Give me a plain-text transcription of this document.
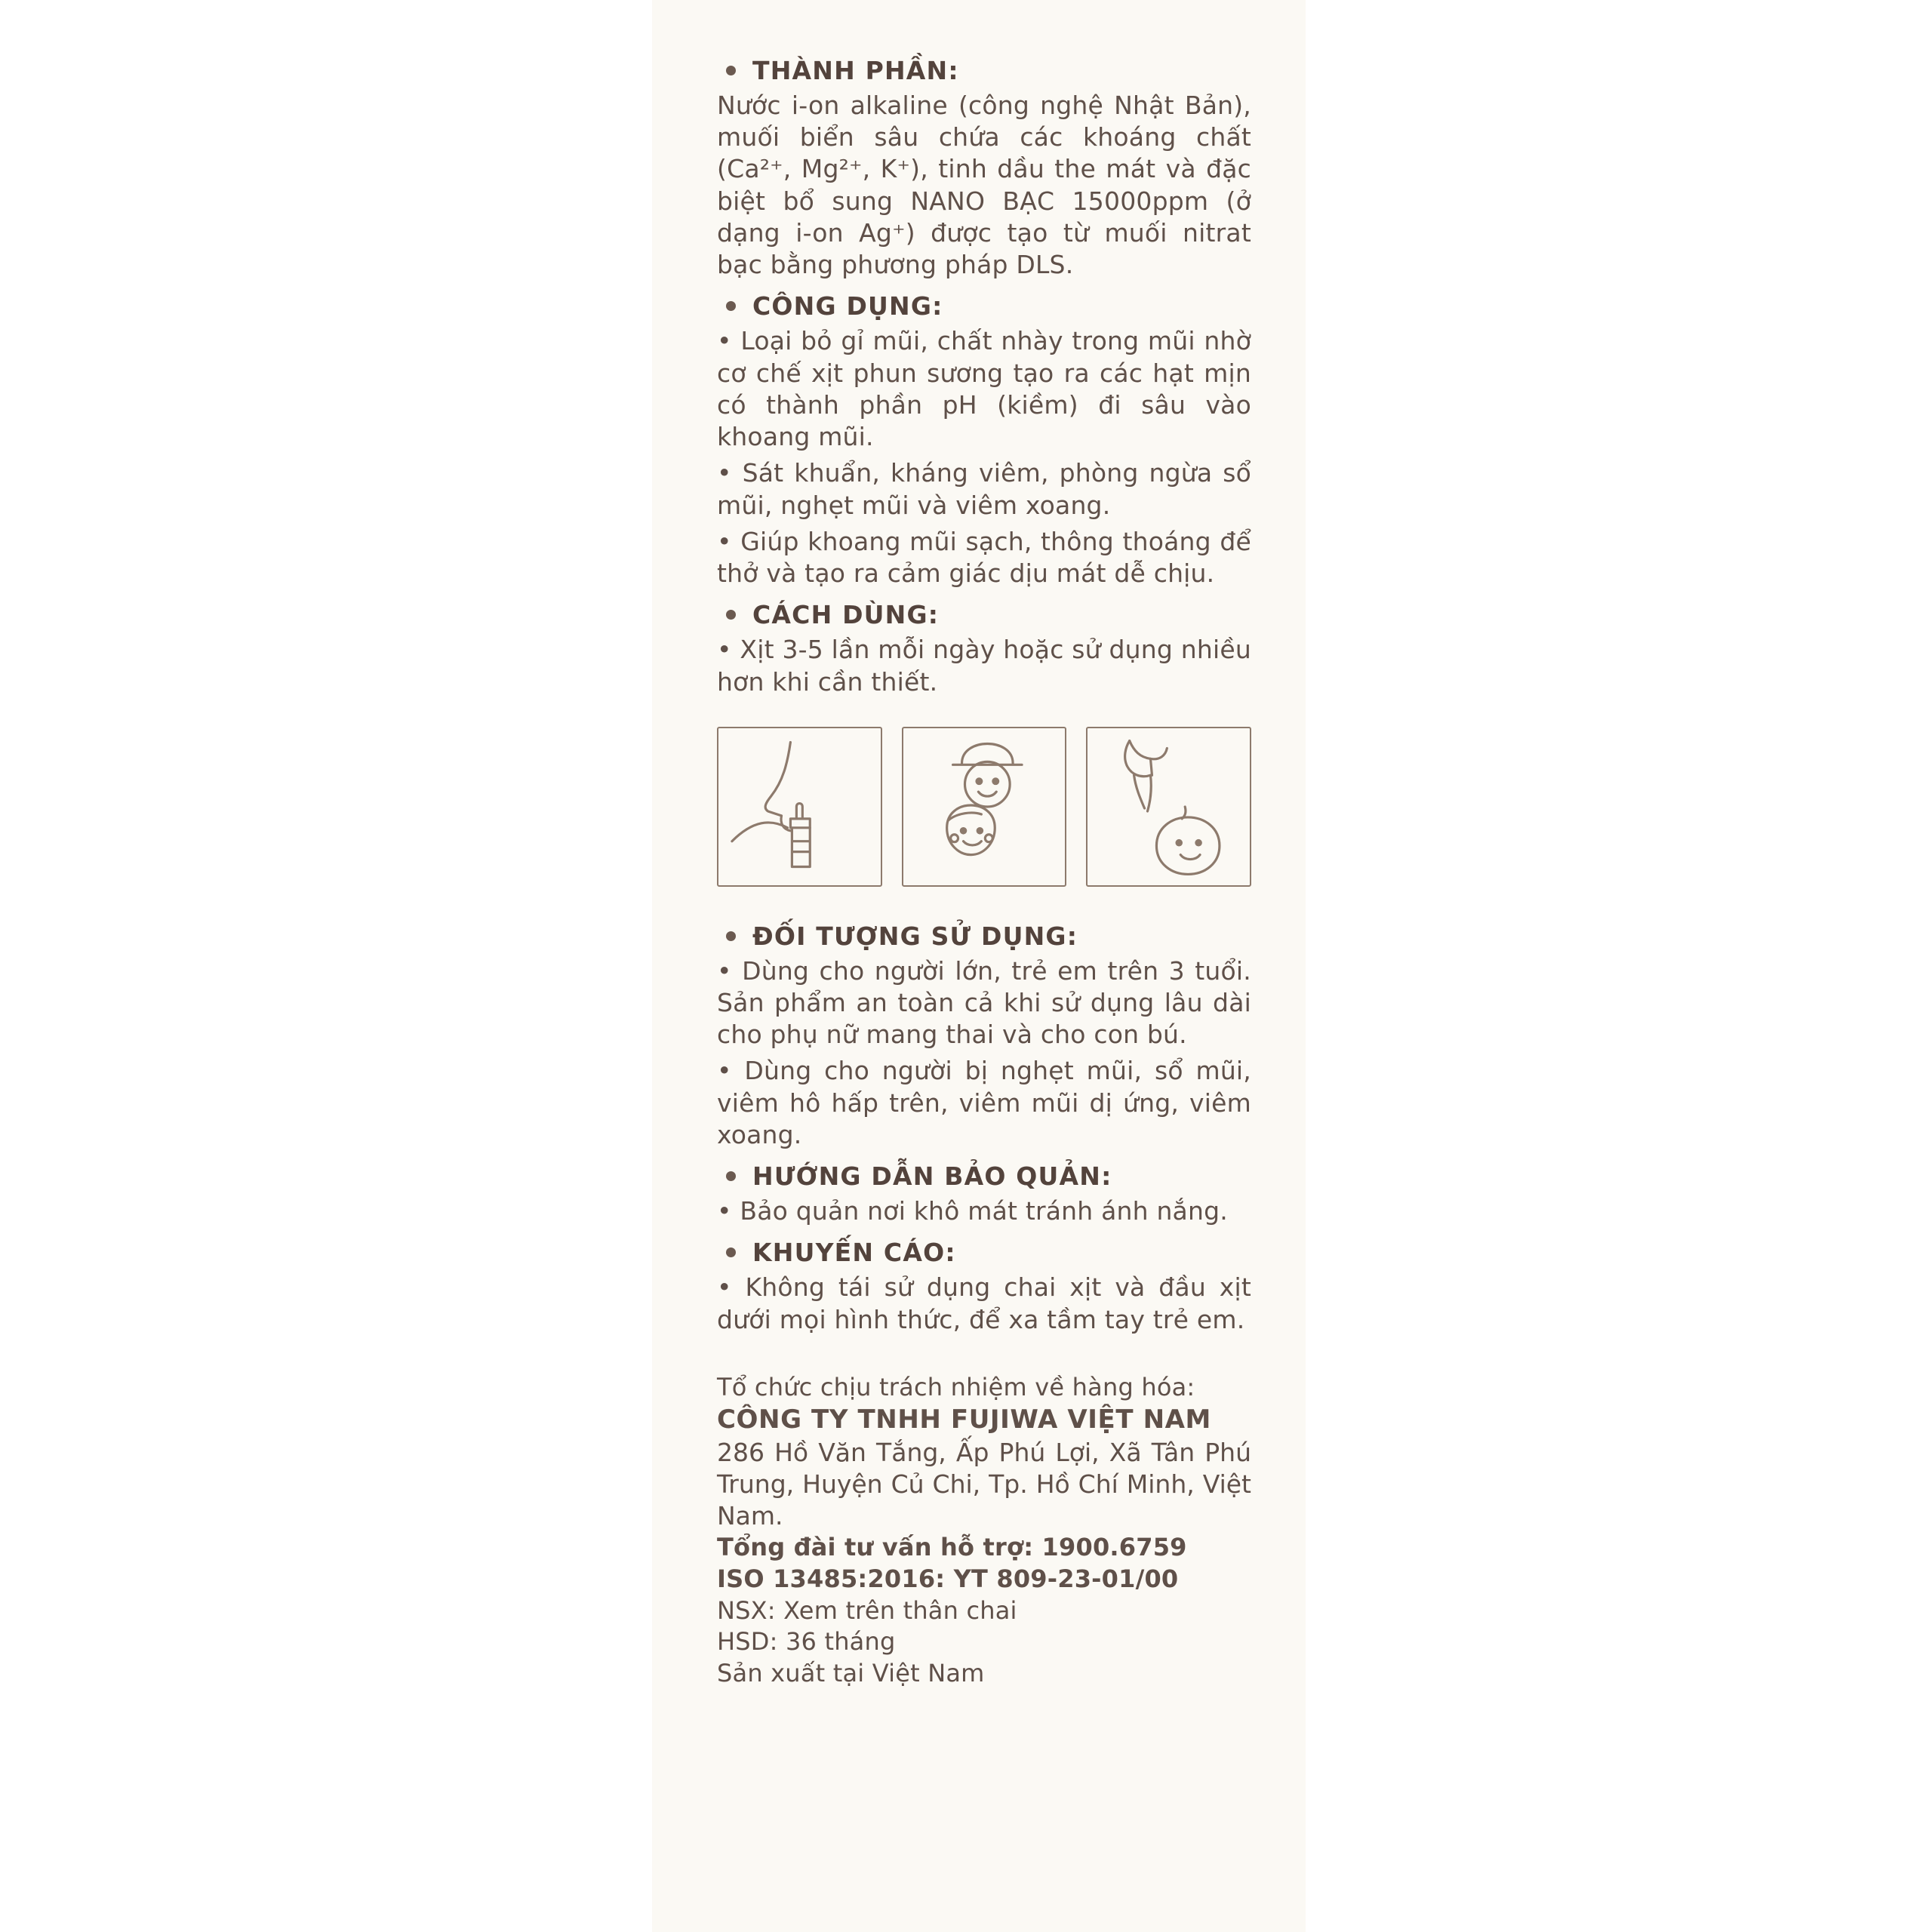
THÀNH PHẦN:
Nước i-on alkaline (công nghệ Nhật Bản), muối biển sâu chứa các khoáng chất (Ca²⁺, Mg²⁺, K⁺), tinh dầu the mát và đặc biệt bổ sung NANO BẠC 15000ppm (ở dạng i-on Ag⁺) được tạo từ muối nitrat bạc bằng phương pháp DLS.
CÔNG DỤNG:
• Loại bỏ gỉ mũi, chất nhày trong mũi nhờ cơ chế xịt phun sương tạo ra các hạt mịn có thành phần pH (kiềm) đi sâu vào khoang mũi.
• Sát khuẩn, kháng viêm, phòng ngừa sổ mũi, nghẹt mũi và viêm xoang.
• Giúp khoang mũi sạch, thông thoáng để thở và tạo ra cảm giác dịu mát dễ chịu.
CÁCH DÙNG:
• Xịt 3-5 lần mỗi ngày hoặc sử dụng nhiều hơn khi cần thiết.
ĐỐI TƯỢNG SỬ DỤNG:
• Dùng cho người lớn, trẻ em trên 3 tuổi. Sản phẩm an toàn cả khi sử dụng lâu dài cho phụ nữ mang thai và cho con bú.
• Dùng cho người bị nghẹt mũi, sổ mũi, viêm hô hấp trên, viêm mũi dị ứng, viêm xoang.
HƯỚNG DẪN BẢO QUẢN:
• Bảo quản nơi khô mát tránh ánh nắng.
KHUYẾN CÁO:
• Không tái sử dụng chai xịt và đầu xịt dưới mọi hình thức, để xa tầm tay trẻ em.
Tổ chức chịu trách nhiệm về hàng hóa:
CÔNG TY TNHH FUJIWA VIỆT NAM
286 Hồ Văn Tắng, Ấp Phú Lợi, Xã Tân Phú Trung, Huyện Củ Chi, Tp. Hồ Chí Minh, Việt Nam.
Tổng đài tư vấn hỗ trợ: 1900.6759
ISO 13485:2016: YT 809-23-01/00
NSX: Xem trên thân chai
HSD: 36 tháng
Sản xuất tại Việt Nam
